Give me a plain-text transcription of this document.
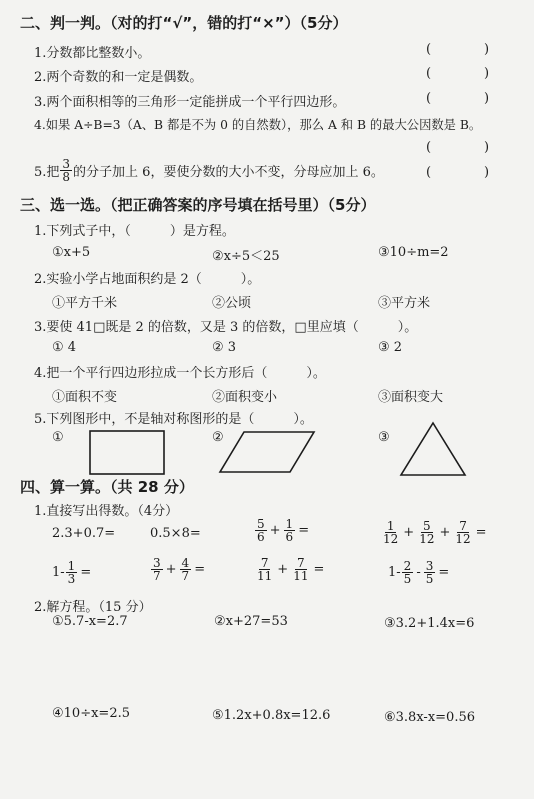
二、判一判。（对的打“√”，错的打“×”）（5分）
1.分数都比整数小。	(	)
2.两个奇数的和一定是偶数。	(	)
3.两个面积相等的三角形一定能拼成一个平行四边形。	(	)
4.如果 A÷B=3（A、B 都是不为 0 的自然数），那么 A 和 B 的最大公因数是 B。
(	)
5.把 $\frac{3}{8}$ 的分子加上 6，要使分数的大小不变，分母应加上 6。	(	)
三、选一选。（把正确答案的序号填在括号里）（5分）
1.下列式子中，（　　　）是方程。
①x+5	②x÷5＜25	③10÷m=2
2.实验小学占地面积约是 2（　　　）。
①平方千米	②公顷	③平方米
3.要使 41□既是 2 的倍数，又是 3 的倍数，□里应填（　　　）。
① 4	② 3	③ 2
4.把一个平行四边形拉成一个长方形后（　　　）。
①面积不变	②面积变小	③面积变大
5.下列图形中，不是轴对称图形的是（　　　）。
①	②	③
四、算一算。（共 28 分）
1.直接写出得数。（4分）
2.3+0.7=	0.5×8=	$\frac{5}{6} + \frac{1}{6}$ =	$\frac{1}{12} + \frac{5}{12} + \frac{7}{12}$ =
$1- \frac{1}{3}$ =	$\frac{3}{7} + \frac{4}{7}$ =	$\frac{7}{11} + \frac{7}{11}$ =	$1- \frac{2}{5} - \frac{3}{5}$ =
2.解方程。（15 分）
①5.7-x=2.7	②x+27=53	③3.2+1.4x=6
④10÷x=2.5	⑤1.2x+0.8x=12.6	⑥3.8x-x=0.56
